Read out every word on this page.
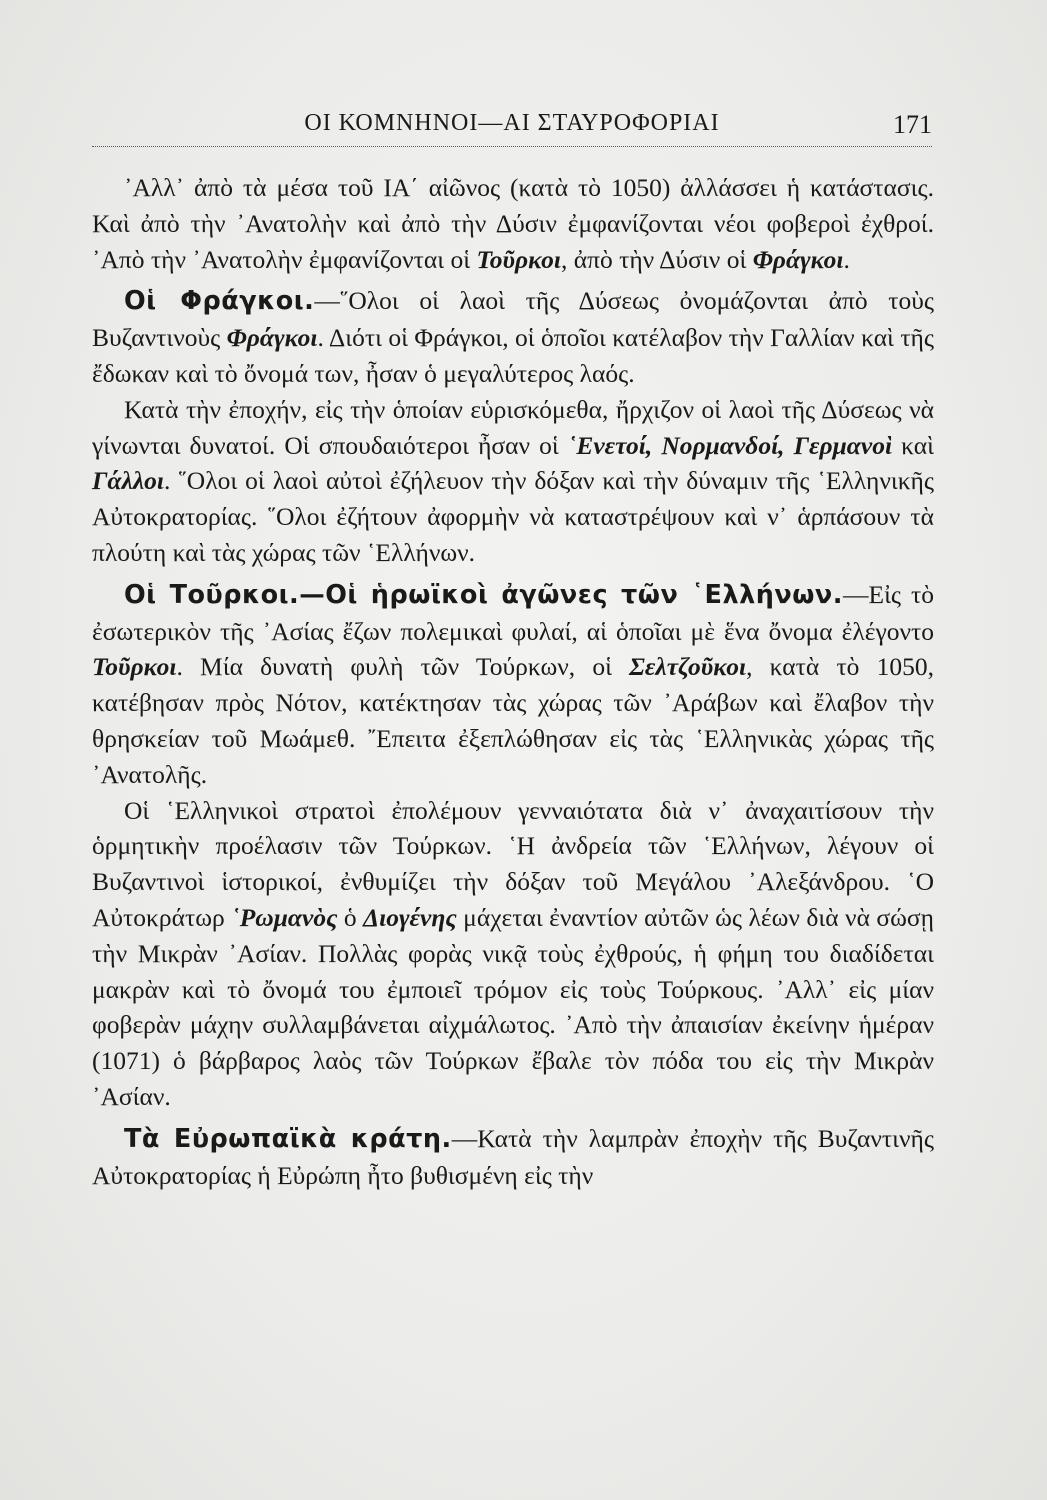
ΟΙ ΚΟΜΝΗΝΟΙ—ΑΙ ΣΤΑΥΡΟΦΟΡΙΑΙ	171

᾿Αλλ᾿ ἀπὸ τὰ μέσα τοῦ ΙΑ΄ αἰῶνος (κατὰ τὸ 1050) ἀλλάσσει ἡ κατάστασις. Καὶ ἀπὸ τὴν ᾿Ανατολὴν καὶ ἀπὸ τὴν Δύσιν ἐμφανίζονται νέοι φοβεροὶ ἐχθροί. ᾿Απὸ τὴν ᾿Ανατολὴν ἐμφανίζονται οἱ Τοῦρκοι, ἀπὸ τὴν Δύσιν οἱ Φράγκοι.

Οἱ Φράγκοι.—῞Ολοι οἱ λαοὶ τῆς Δύσεως ὀνομάζονται ἀπὸ τοὺς Βυζαντινοὺς Φράγκοι. Διότι οἱ Φράγκοι, οἱ ὁποῖοι κατέλαβον τὴν Γαλλίαν καὶ τῆς ἔδωκαν καὶ τὸ ὄνομά των, ἦσαν ὁ μεγαλύτερος λαός.

Κατὰ τὴν ἐποχήν, εἰς τὴν ὁποίαν εὑρισκόμεθα, ἤρχιζον οἱ λαοὶ τῆς Δύσεως νὰ γίνωνται δυνατοί. Οἱ σπουδαιότεροι ἦσαν οἱ ῾Ενετοί, Νορμανδοί, Γερμανοὶ καὶ Γάλλοι. ῞Ολοι οἱ λαοὶ αὐτοὶ ἐζήλευον τὴν δόξαν καὶ τὴν δύναμιν τῆς ῾Ελληνικῆς Αὐτοκρατορίας. ῞Ολοι ἐζήτουν ἀφορμὴν νὰ καταστρέψουν καὶ ν᾿ ἁρπάσουν τὰ πλούτη καὶ τὰς χώρας τῶν ῾Ελλήνων.

Οἱ Τοῦρκοι.—Οἱ ἡρωϊκοὶ ἀγῶνες τῶν ῾Ελλήνων.—Εἰς τὸ ἐσωτερικὸν τῆς ᾿Ασίας ἔζων πολεμικαὶ φυλαί, αἱ ὁποῖαι μὲ ἕνα ὄνομα ἐλέγοντο Τοῦρκοι. Μία δυνατὴ φυλὴ τῶν Τούρκων, οἱ Σελτζοῦκοι, κατὰ τὸ 1050, κατέβησαν πρὸς Νότον, κατέκτησαν τὰς χώρας τῶν ᾿Αράβων καὶ ἔλαβον τὴν θρησκείαν τοῦ Μωάμεθ. ῎Επειτα ἐξεπλώθησαν εἰς τὰς ῾Ελληνικὰς χώρας τῆς ᾿Ανατολῆς.

Οἱ ῾Ελληνικοὶ στρατοὶ ἐπολέμουν γενναιότατα διὰ ν᾿ ἀναχαιτίσουν τὴν ὁρμητικὴν προέλασιν τῶν Τούρκων. ῾Η ἀνδρεία τῶν ῾Ελλήνων, λέγουν οἱ Βυζαντινοὶ ἱστορικοί, ἐνθυμίζει τὴν δόξαν τοῦ Μεγάλου ᾿Αλεξάνδρου. ῾Ο Αὐτοκράτωρ ῾Ρωμανὸς ὁ Διογένης μάχεται ἐναντίον αὐτῶν ὡς λέων διὰ νὰ σώσῃ τὴν Μικρὰν ᾿Ασίαν. Πολλὰς φορὰς νικᾷ τοὺς ἐχθρούς, ἡ φήμη του διαδίδεται μακρὰν καὶ τὸ ὄνομά του ἐμποιεῖ τρόμον εἰς τοὺς Τούρκους. ᾿Αλλ᾿ εἰς μίαν φοβερὰν μάχην συλλαμβάνεται αἰχμάλωτος. ᾿Απὸ τὴν ἀπαισίαν ἐκείνην ἡμέραν (1071) ὁ βάρβαρος λαὸς τῶν Τούρκων ἔβαλε τὸν πόδα του εἰς τὴν Μικρὰν ᾿Ασίαν.

Τὰ Εὐρωπαϊκὰ κράτη.—Κατὰ τὴν λαμπρὰν ἐποχὴν τῆς Βυζαντινῆς Αὐτοκρατορίας ἡ Εὐρώπη ἦτο βυθισμένη εἰς τὴν
